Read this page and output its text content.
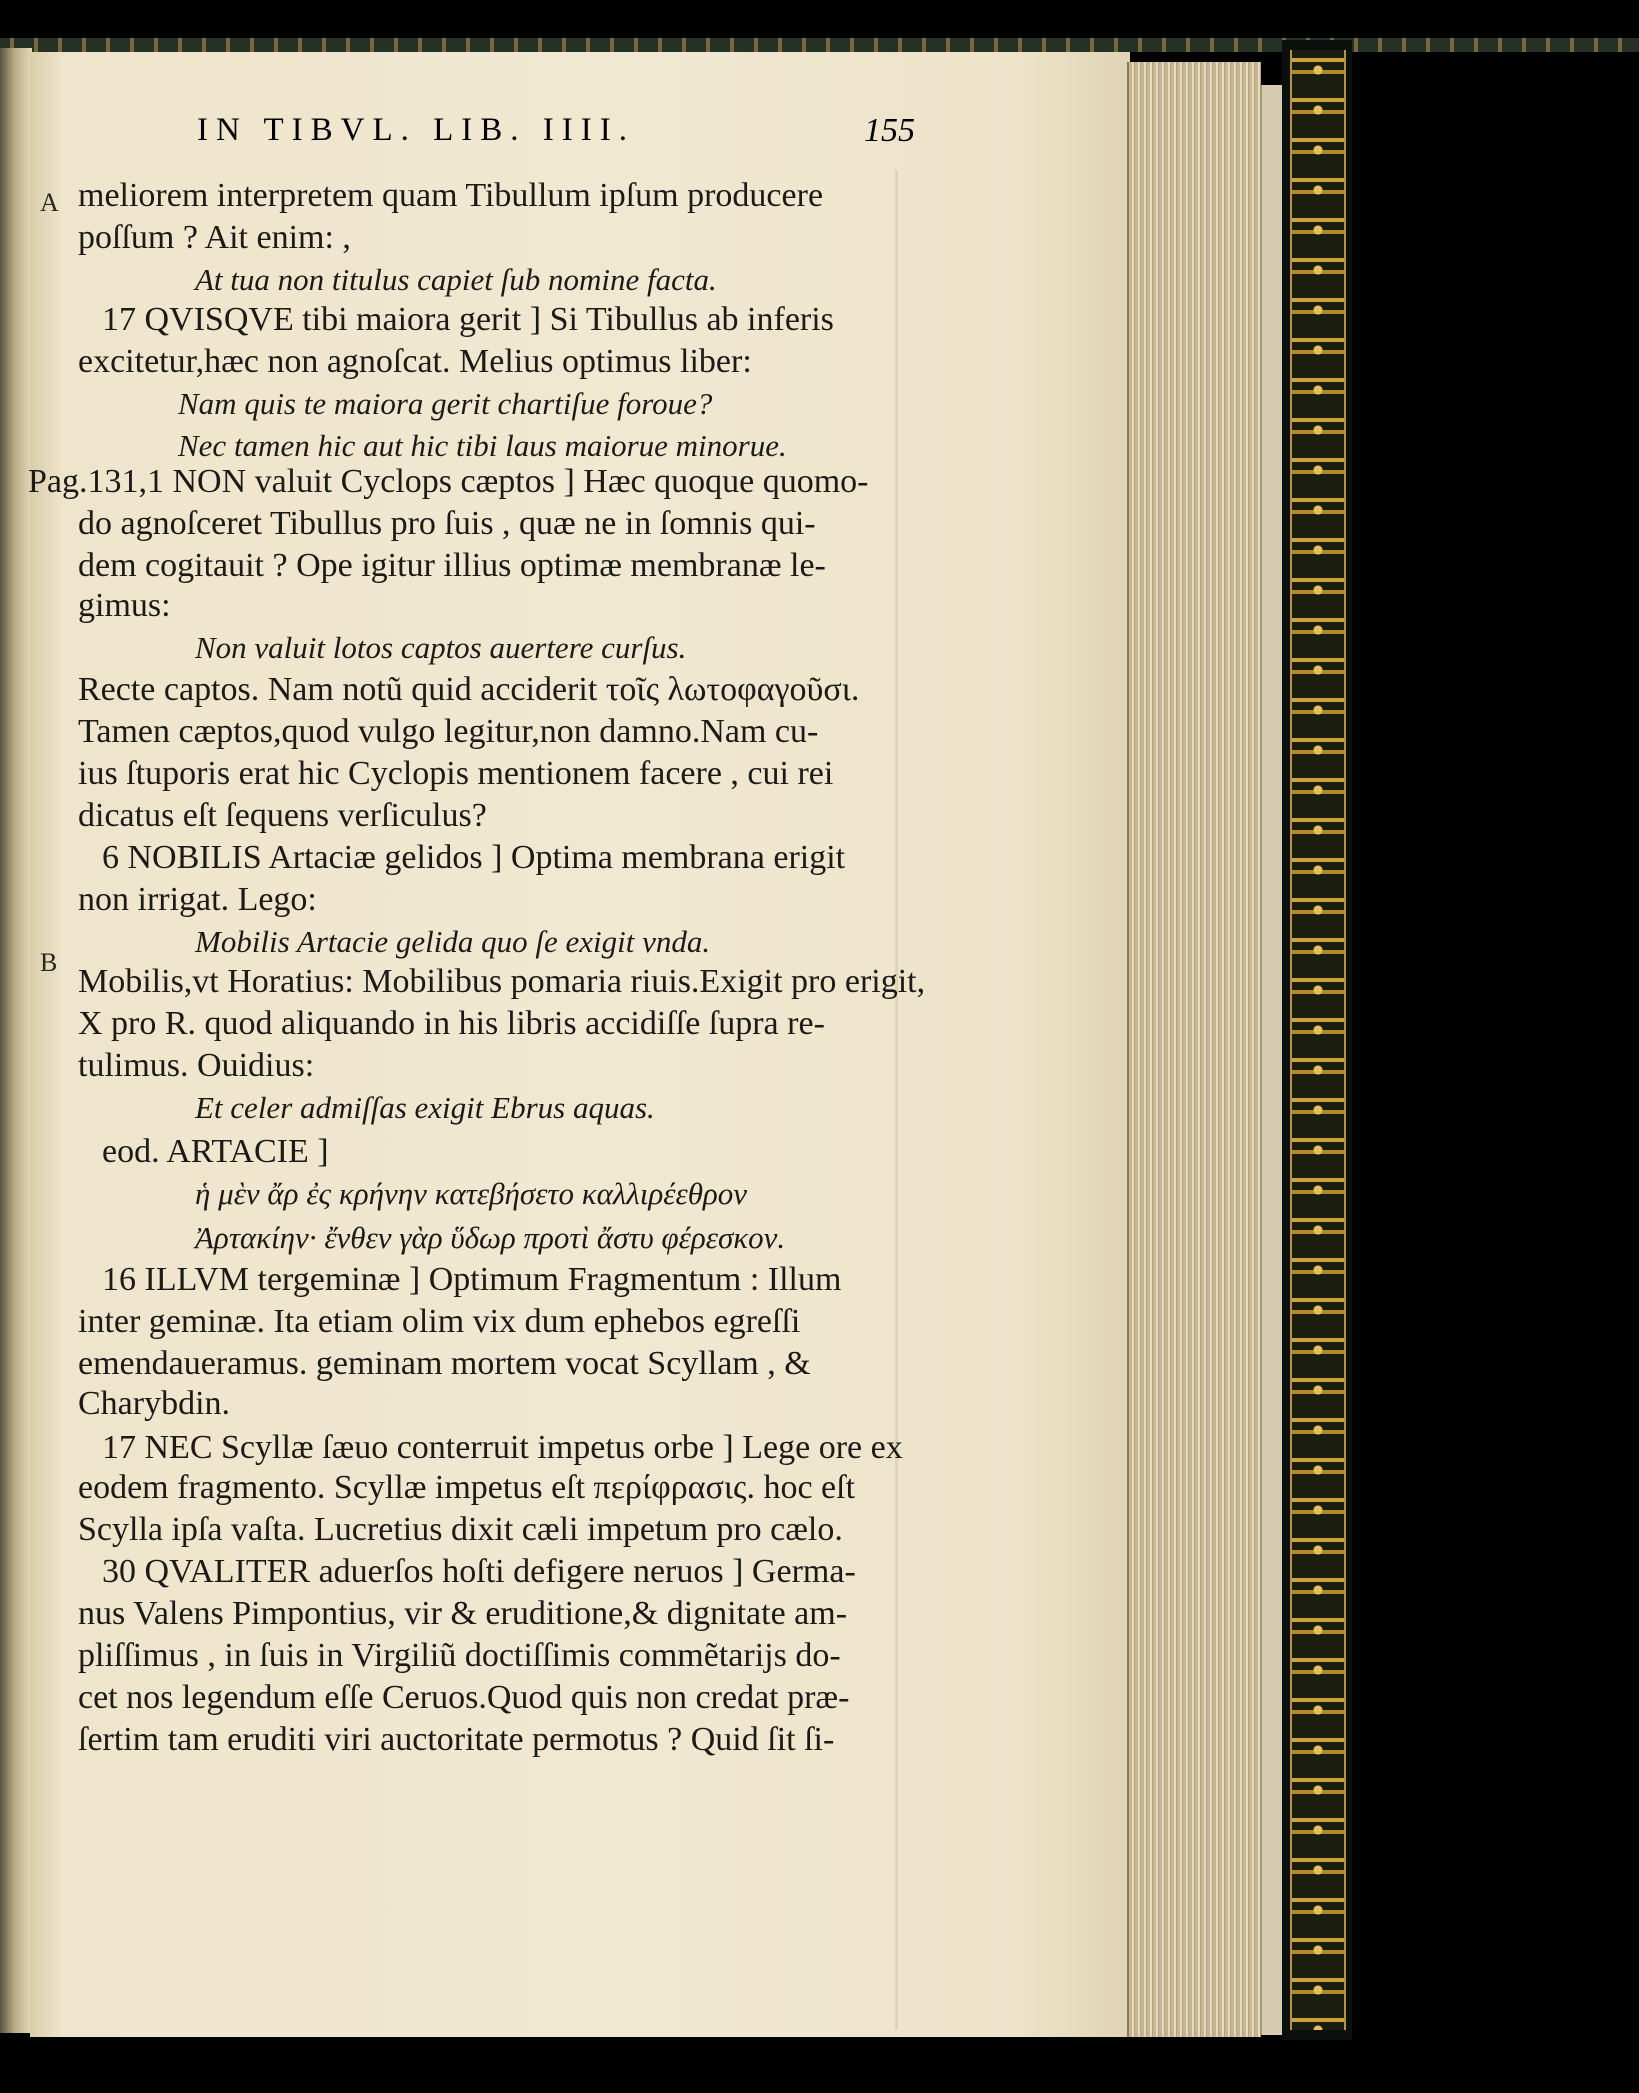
IN TIBVL. LIB. IIII.	155
A
B
meliorem interpretem quam Tibullum ipſum producere
poſſum ? Ait enim: ,
At tua non titulus capiet ſub nomine facta.
17 QVISQVE tibi maiora gerit ] Si Tibullus ab inferis
excitetur,hæc non agnoſcat. Melius optimus liber:
Nam quis te maiora gerit chartiſue foroue?
Nec tamen hic aut hic tibi laus maiorue minorue.
Pag.131,1 NON valuit Cyclops cæptos ] Hæc quoque quomo-
do agnoſceret Tibullus pro ſuis , quæ ne in ſomnis qui-
dem cogitauit ? Ope igitur illius optimæ membranæ le-
gimus:
Non valuit lotos captos auertere curſus.
Recte captos. Nam notũ quid acciderit τοῖς λωτοφαγοῦσι.
Tamen cæptos,quod vulgo legitur,non damno.Nam cu-
ius ſtuporis erat hic Cyclopis mentionem facere , cui rei
dicatus eſt ſequens verſiculus?
6 NOBILIS Artaciæ gelidos ] Optima membrana erigit
non irrigat. Lego:
Mobilis Artacie gelida quo ſe exigit vnda.
Mobilis,vt Horatius: Mobilibus pomaria riuis.Exigit pro erigit,
X pro R. quod aliquando in his libris accidiſſe ſupra re-
tulimus. Ouidius:
Et celer admiſſas exigit Ebrus aquas.
eod. ARTACIE ]
ἡ μὲν ἄρ ἐς κρήνην κατεβήσετο καλλιρέεθρον
Ἀρτακίην· ἔνθεν γὰρ ὕδωρ προτὶ ἄστυ φέρεσκον.
16 ILLVM tergeminæ ] Optimum Fragmentum : Illum
inter geminæ. Ita etiam olim vix dum ephebos egreſſi
emendaueramus. geminam mortem vocat Scyllam , &
Charybdin.
17 NEC Scyllæ ſæuo conterruit impetus orbe ] Lege ore ex
eodem fragmento. Scyllæ impetus eſt περίφρασις. hoc eſt
Scylla ipſa vaſta. Lucretius dixit cæli impetum pro cælo.
30 QVALITER aduerſos hoſti defigere neruos ] Germa-
nus Valens Pimpontius, vir & eruditione,& dignitate am-
pliſſimus , in ſuis in Virgiliũ doctiſſimis commẽtarijs do-
cet nos legendum eſſe Ceruos.Quod quis non credat præ-
ſertim tam eruditi viri auctoritate permotus ? Quid ſit ſi-
